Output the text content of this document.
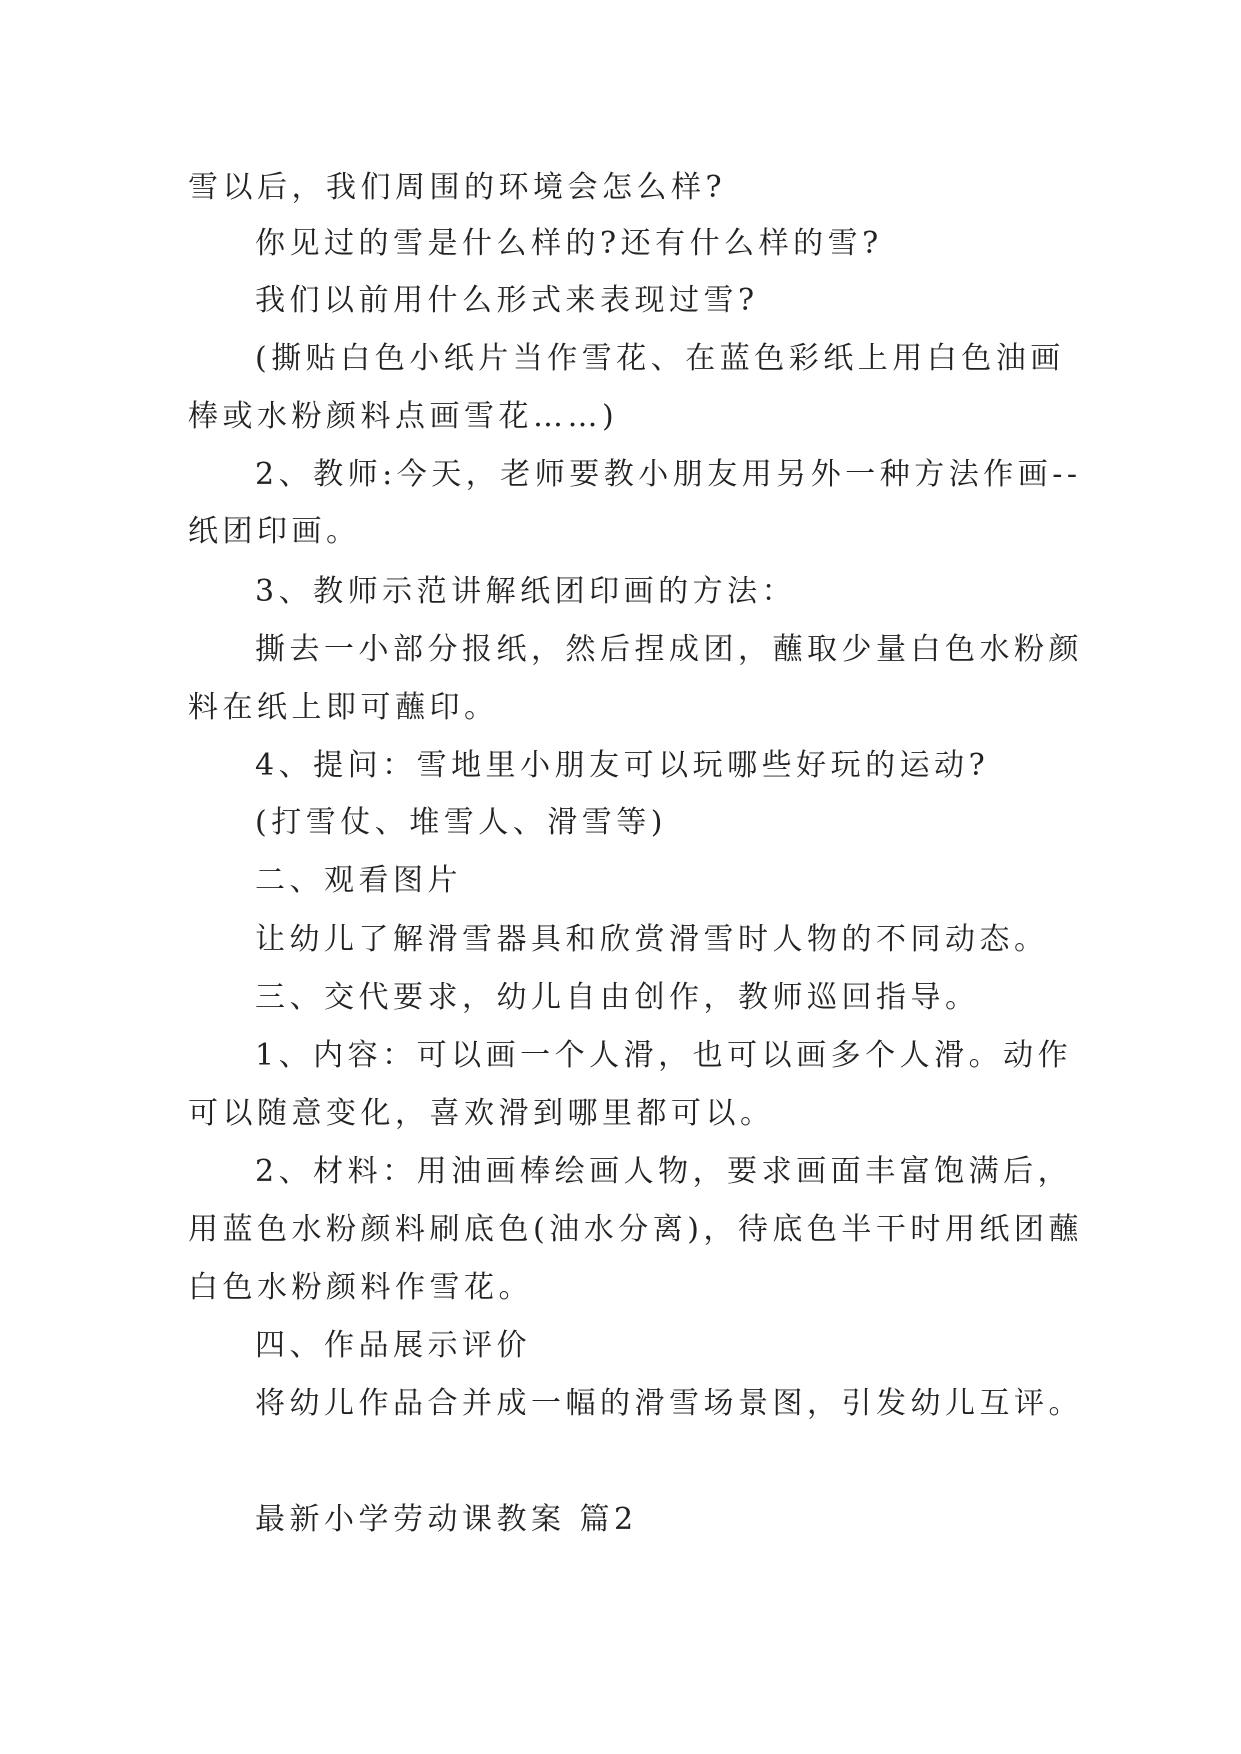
雪以后，我们周围的环境会怎么样?

你见过的雪是什么样的?还有什么样的雪?

我们以前用什么形式来表现过雪?

(撕贴白色小纸片当作雪花、在蓝色彩纸上用白色油画

棒或水粉颜料点画雪花……)

2、教师:今天，老师要教小朋友用另外一种方法作画--

纸团印画。

3、教师示范讲解纸团印画的方法：

撕去一小部分报纸，然后捏成团，蘸取少量白色水粉颜

料在纸上即可蘸印。

4、提问：雪地里小朋友可以玩哪些好玩的运动?

(打雪仗、堆雪人、滑雪等)

二、观看图片

让幼儿了解滑雪器具和欣赏滑雪时人物的不同动态。

三、交代要求，幼儿自由创作，教师巡回指导。

1、内容：可以画一个人滑，也可以画多个人滑。动作

可以随意变化，喜欢滑到哪里都可以。

2、材料：用油画棒绘画人物，要求画面丰富饱满后，

用蓝色水粉颜料刷底色(油水分离)，待底色半干时用纸团蘸

白色水粉颜料作雪花。

四、作品展示评价

将幼儿作品合并成一幅的滑雪场景图，引发幼儿互评。

最新小学劳动课教案 篇2
